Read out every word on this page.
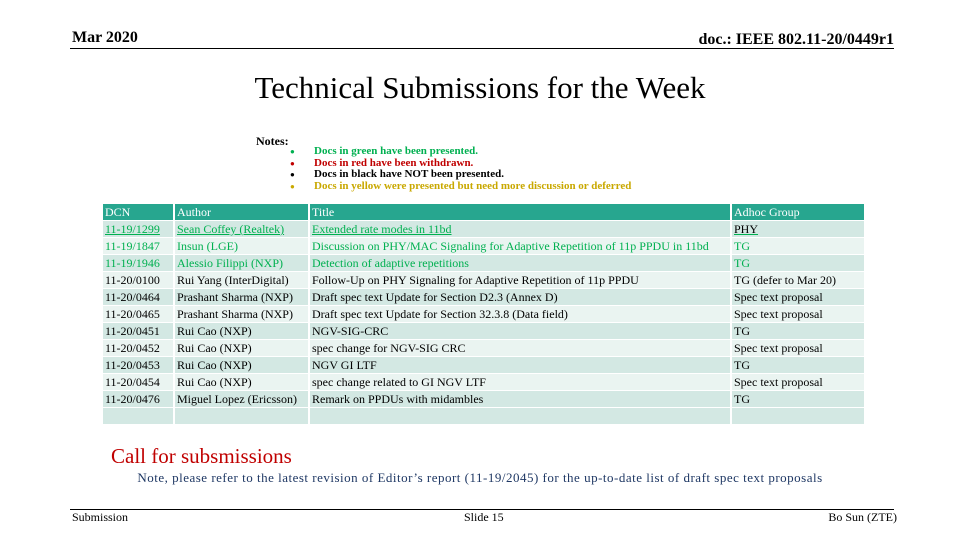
Mar 2020	doc.: IEEE 802.11-20/0449r1
Technical Submissions for the Week
Notes:
● Docs in green have been presented.
● Docs in red have been withdrawn.
● Docs in black have NOT been presented.
● Docs in yellow were presented but need more discussion or deferred
DCN	Author	Title	Adhoc Group
11-19/1299	Sean Coffey (Realtek)	Extended rate modes in 11bd	PHY
11-19/1847	Insun (LGE)	Discussion on PHY/MAC Signaling for Adaptive Repetition of 11p PPDU in 11bd	TG
11-19/1946	Alessio Filippi (NXP)	Detection of adaptive repetitions	TG
11-20/0100	Rui Yang (InterDigital)	Follow-Up on PHY Signaling for Adaptive Repetition of 11p PPDU	TG (defer to Mar 20)
11-20/0464	Prashant Sharma (NXP)	Draft spec text Update for Section D2.3 (Annex D)	Spec text proposal
11-20/0465	Prashant Sharma (NXP)	Draft spec text Update for Section 32.3.8 (Data field)	Spec text proposal
11-20/0451	Rui Cao (NXP)	NGV-SIG-CRC	TG
11-20/0452	Rui Cao (NXP)	spec change for NGV-SIG CRC	Spec text proposal
11-20/0453	Rui Cao (NXP)	NGV GI LTF	TG
11-20/0454	Rui Cao (NXP)	spec change related to GI NGV LTF	Spec text proposal
11-20/0476	Miguel Lopez (Ericsson)	Remark on PPDUs with midambles	TG

Call for subsmissions
Note, please refer to the latest revision of Editor’s report (11-19/2045) for the up-to-date list of draft spec text proposals
Submission	Slide 15	Bo Sun (ZTE)
